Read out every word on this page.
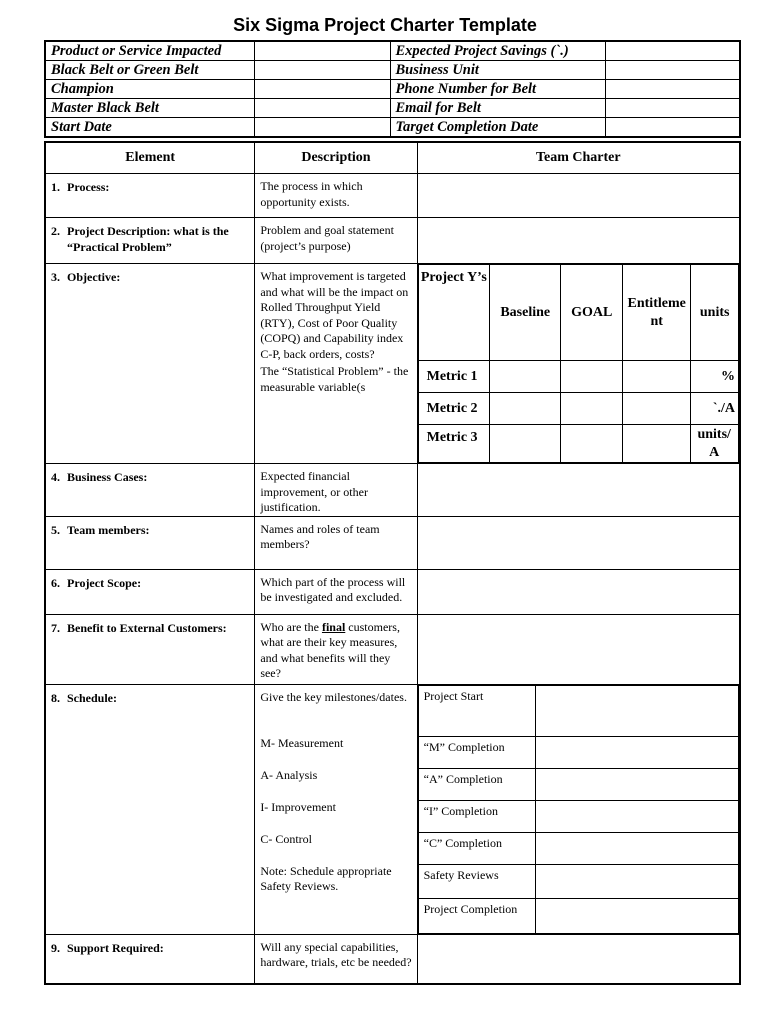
Six Sigma Project Charter Template
Product or Service Impacted		Expected Project Savings (`.)	
Black Belt or Green Belt		Business Unit	
Champion		Phone Number for Belt	
Master Black Belt		Email for Belt	
Start Date		Target Completion Date	
Element	Description	Team Charter
1. Process:	The process in which opportunity exists.	
2. Project Description: what is the “Practical Problem”	Problem and goal statement (project’s purpose)	
3. Objective:	What improvement is targeted and what will be the impact on Rolled Throughput Yield (RTY), Cost of Poor Quality (COPQ) and Capability index C-P, back orders, costs?
The “Statistical Problem” - the measurable variable(s

Project Y’s	Baseline	GOAL	Entitlement	units
Metric 1				%
Metric 2				`./A
Metric 3				units/A

4. Business Cases:	Expected financial improvement, or other justification.	
5. Team members:	Names and roles of team members?	
6. Project Scope:	Which part of the process will be investigated and excluded.	
7. Benefit to External Customers:	Who are the final customers, what are their key measures, and what benefits will they see?	
8. Schedule:	Give the key milestones/dates.
M- Measurement
A- Analysis
I- Improvement
C- Control
Note: Schedule appropriate Safety Reviews.

Project Start	
“M” Completion	
“A” Completion	
“I” Completion	
“C” Completion	
Safety Reviews	
Project Completion	

9. Support Required:	Will any special capabilities, hardware, trials, etc be needed?	
